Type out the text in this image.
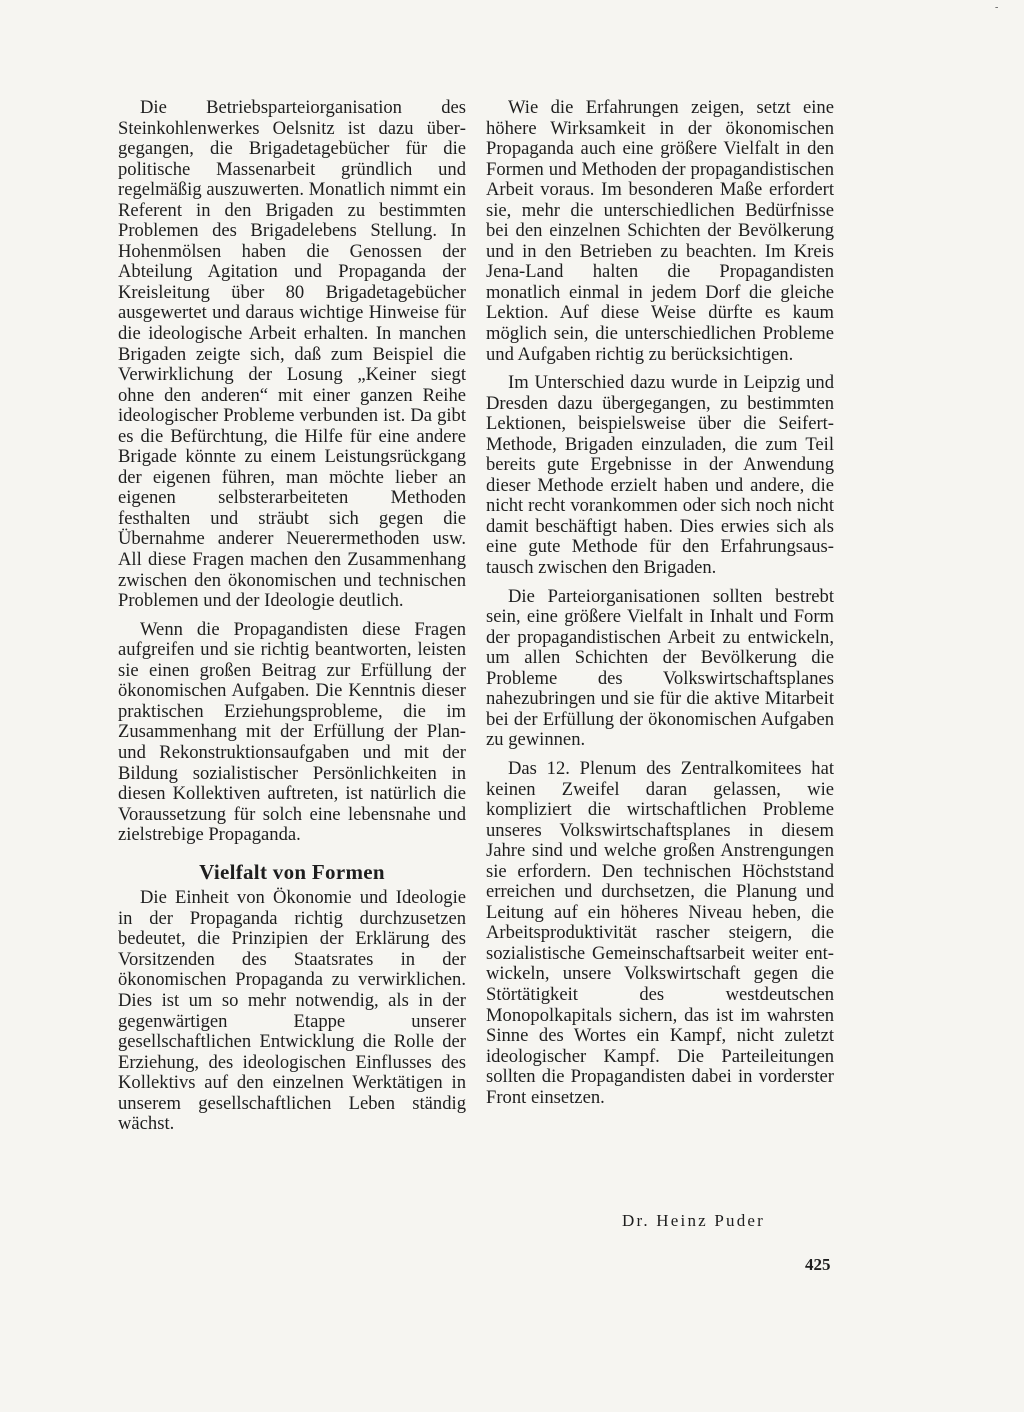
-

Die Betriebsparteiorganisation des Steinkohlenwerkes Oelsnitz ist dazu übergegangen, die Brigadetagebücher für die politische Massenarbeit gründlich und regelmäßig auszuwerten. Monatlich nimmt ein Referent in den Brigaden zu bestimmten Problemen des Brigadelebens Stellung. In Hohenmölsen haben die Genossen der Abteilung Agitation und Propaganda der Kreisleitung über 80 Brigadetagebücher ausgewertet und daraus wichtige Hinweise für die ideologische Arbeit erhalten. In manchen Brigaden zeigte sich, daß zum Beispiel die Verwirklichung der Losung „Keiner siegt ohne den anderen“ mit einer ganzen Reihe ideologischer Probleme verbunden ist. Da gibt es die Befürchtung, die Hilfe für eine andere Brigade könnte zu einem Leistungsrückgang der eigenen führen, man möchte lieber an eigenen selbsterarbeiteten Methoden festhalten und sträubt sich gegen die Übernahme anderer Neuerermethoden usw. All diese Fragen machen den Zusammenhang zwischen den ökonomischen und technischen Problemen und der Ideologie deutlich.

Wenn die Propagandisten diese Fragen aufgreifen und sie richtig beantworten, leisten sie einen großen Beitrag zur Erfüllung der ökonomischen Aufgaben. Die Kenntnis dieser praktischen Erziehungsprobleme, die im Zusammenhang mit der Erfüllung der Plan- und Rekonstruktionsaufgaben und mit der Bildung sozialistischer Persönlichkeiten in diesen Kollektiven auftreten, ist natürlich die Voraussetzung für solch eine lebensnahe und zielstrebige Propaganda.

Vielfalt von Formen

Die Einheit von Ökonomie und Ideologie in der Propaganda richtig durchzusetzen bedeutet, die Prinzipien der Erklärung des Vorsitzenden des Staatsrates in der ökonomischen Propaganda zu verwirklichen. Dies ist um so mehr notwendig, als in der gegenwärtigen Etappe unserer gesellschaftlichen Entwicklung die Rolle der Erziehung, des ideologischen Einflusses des Kollektivs auf den einzelnen Werktätigen in unserem gesellschaftlichen Leben ständig wächst.

Wie die Erfahrungen zeigen, setzt eine höhere Wirksamkeit in der ökonomischen Propaganda auch eine größere Vielfalt in den Formen und Methoden der propagandistischen Arbeit voraus. Im besonderen Maße erfordert sie, mehr die unterschiedlichen Bedürfnisse bei den einzelnen Schichten der Bevölkerung und in den Betrieben zu beachten. Im Kreis Jena-Land halten die Propagandisten monatlich einmal in jedem Dorf die gleiche Lektion. Auf diese Weise dürfte es kaum möglich sein, die unterschiedlichen Probleme und Aufgaben richtig zu berücksichtigen.

Im Unterschied dazu wurde in Leipzig und Dresden dazu übergegangen, zu bestimmten Lektionen, beispielsweise über die Seifert-Methode, Brigaden einzuladen, die zum Teil bereits gute Ergebnisse in der Anwendung dieser Methode erzielt haben und andere, die nicht recht vorankommen oder sich noch nicht damit beschäftigt haben. Dies erwies sich als eine gute Methode für den Erfahrungsaustausch zwischen den Brigaden.

Die Parteiorganisationen sollten bestrebt sein, eine größere Vielfalt in Inhalt und Form der propagandistischen Arbeit zu entwickeln, um allen Schichten der Bevölkerung die Probleme des Volkswirtschaftsplanes nahezubringen und sie für die aktive Mitarbeit bei der Erfüllung der ökonomischen Aufgaben zu gewinnen.

Das 12. Plenum des Zentralkomitees hat keinen Zweifel daran gelassen, wie kompliziert die wirtschaftlichen Probleme unseres Volkswirtschaftsplanes in diesem Jahre sind und welche großen Anstrengungen sie erfordern. Den technischen Höchststand erreichen und durchsetzen, die Planung und Leitung auf ein höheres Niveau heben, die Arbeitsproduktivität rascher steigern, die sozialistische Gemeinschaftsarbeit weiter entwickeln, unsere Volkswirtschaft gegen die Störtätigkeit des westdeutschen Monopolkapitals sichern, das ist im wahrsten Sinne des Wortes ein Kampf, nicht zuletzt ideologischer Kampf. Die Parteileitungen sollten die Propagandisten dabei in vorderster Front einsetzen.

Dr. Heinz Puder
425
